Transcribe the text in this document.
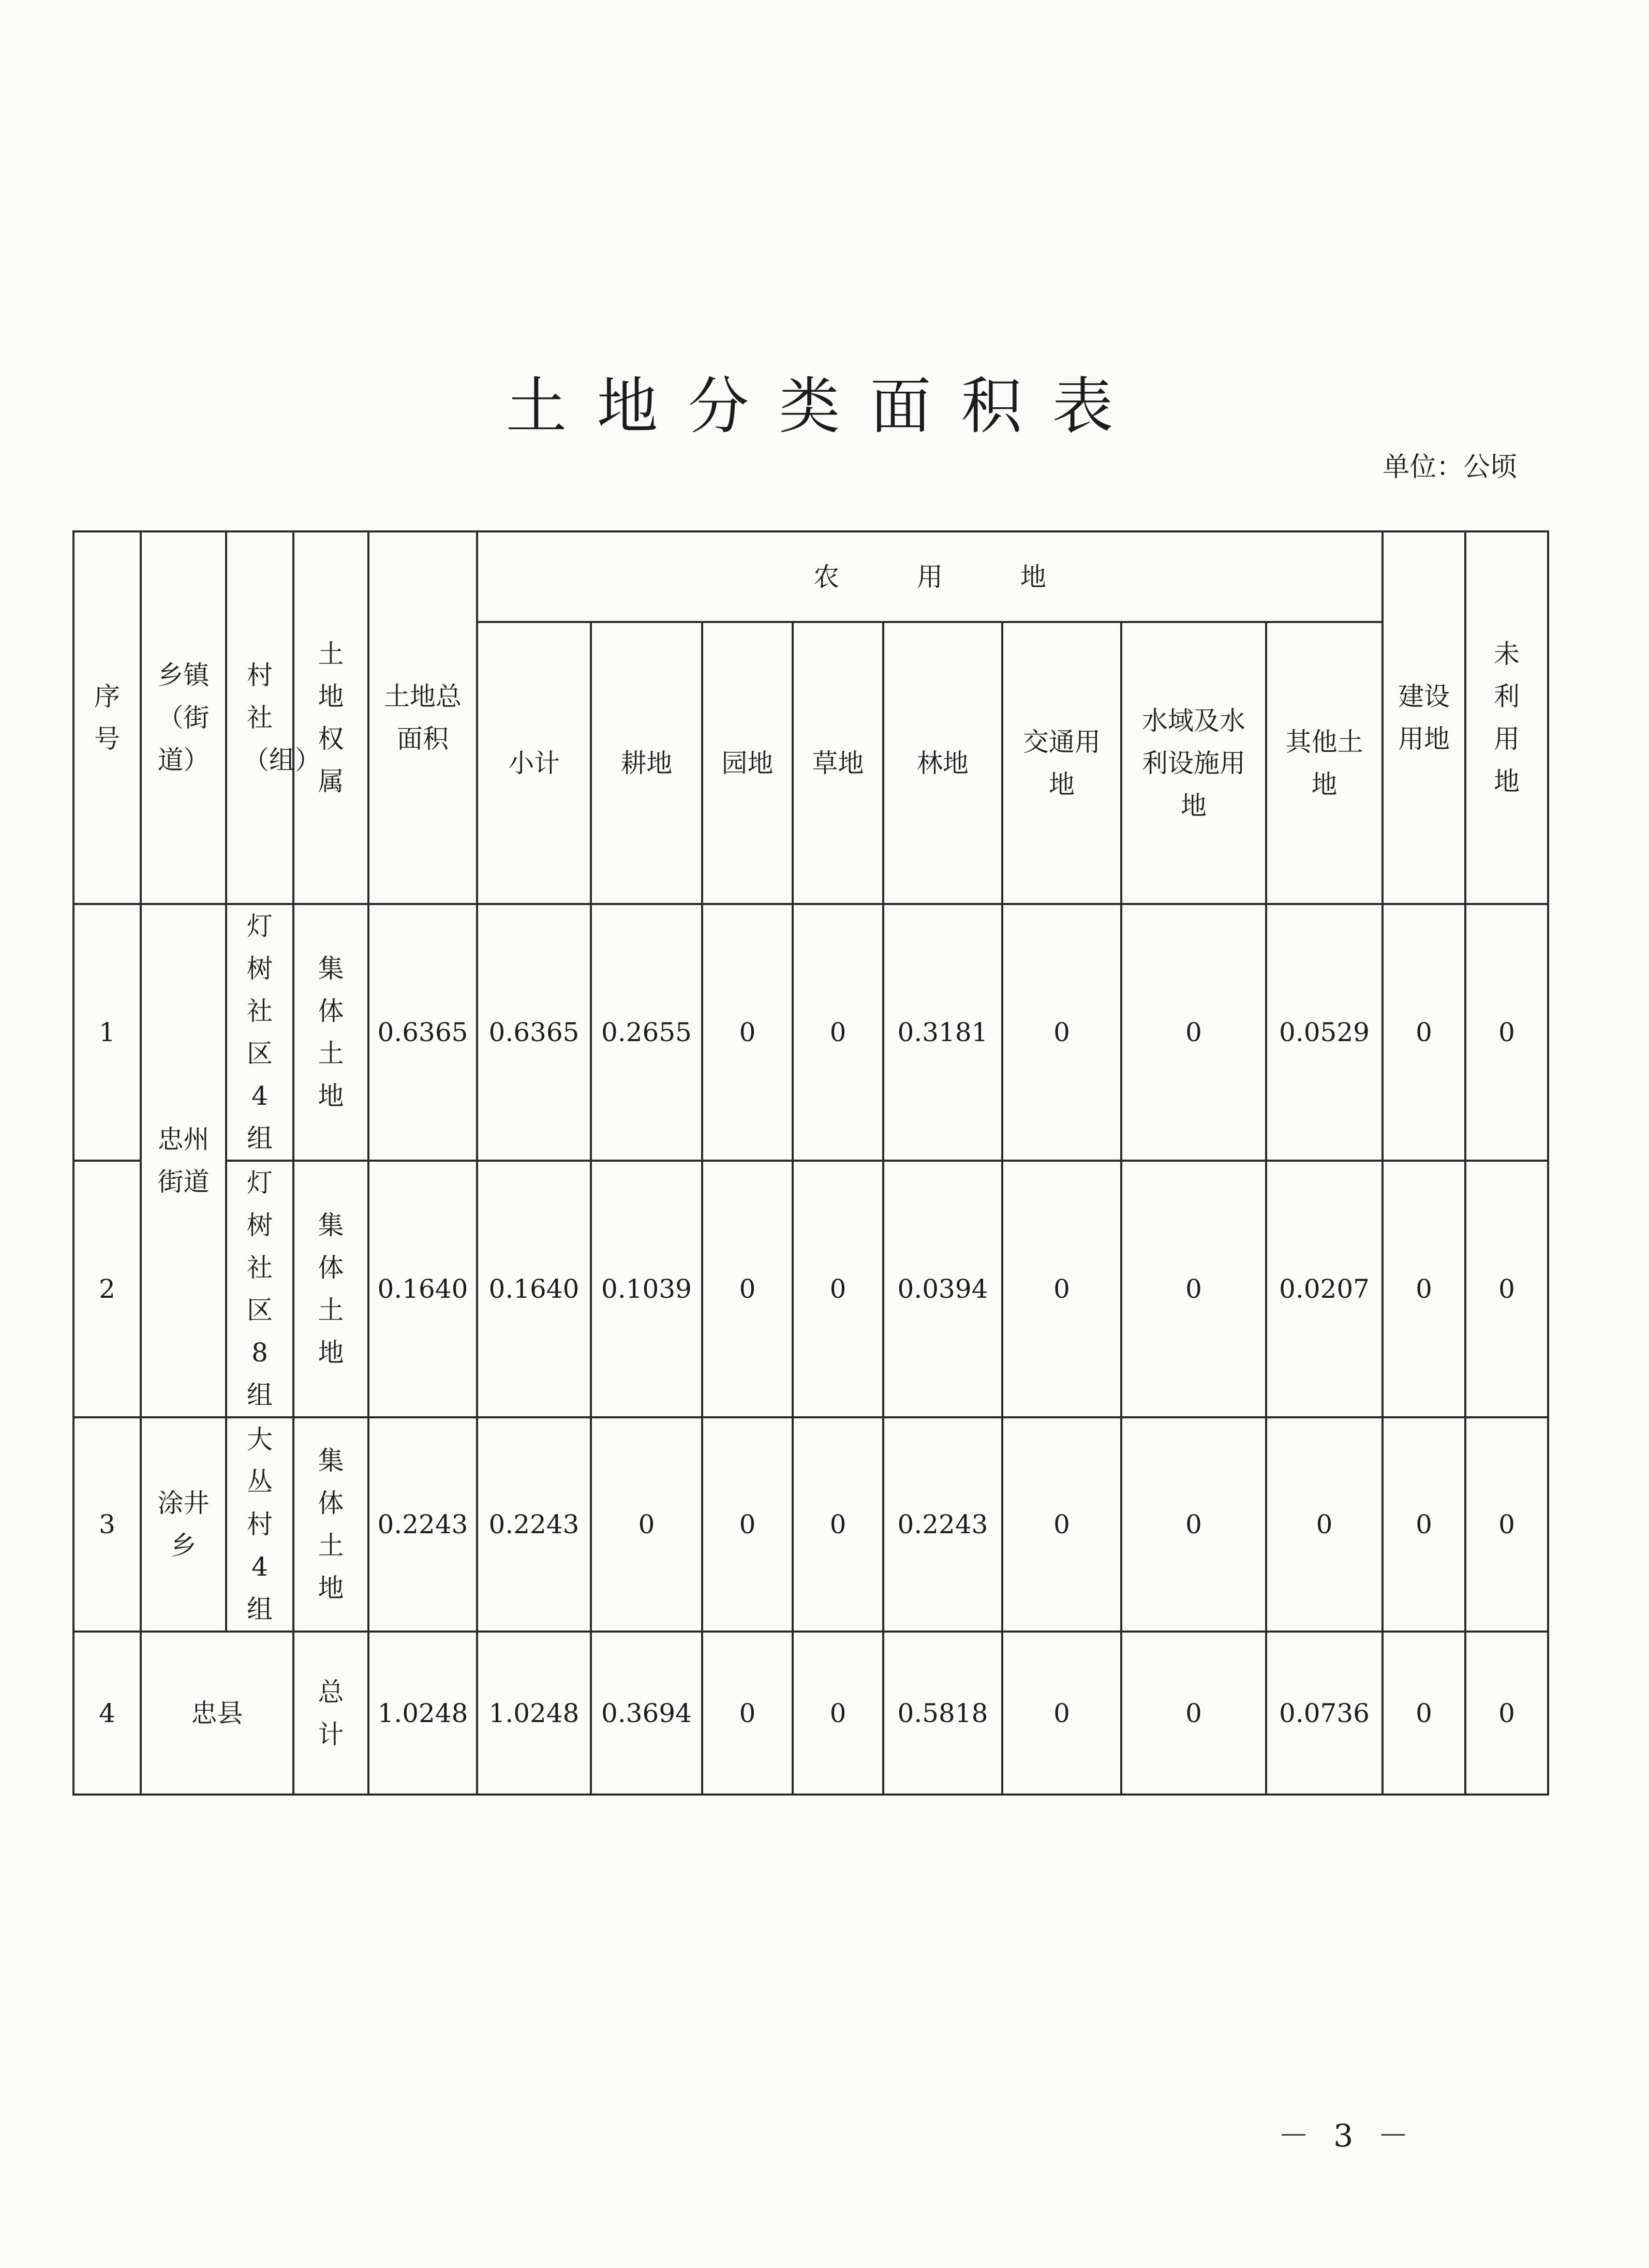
土地分类面积表
单位：公顷
序号	乡镇（街道）	村社（组）	土地权属	土地总面积	农　　　用　　　地								建设用地	未利用地
					小计	耕地	园地	草地	林地	交通用地	水域及水利设施用地	其他土地		
1	忠州街道	灯树社区4组	集体土地	0.6365	0.6365	0.2655	0	0	0.3181	0	0	0.0529	0	0
2		灯树社区8组	集体土地	0.1640	0.1640	0.1039	0	0	0.0394	0	0	0.0207	0	0
3	涂井乡	大丛村4组	集体土地	0.2243	0.2243	0	0	0	0.2243	0	0	0	0	0
4	忠县		总计	1.0248	1.0248	0.3694	0	0	0.5818	0	0	0.0736	0	0
－ 3 －
